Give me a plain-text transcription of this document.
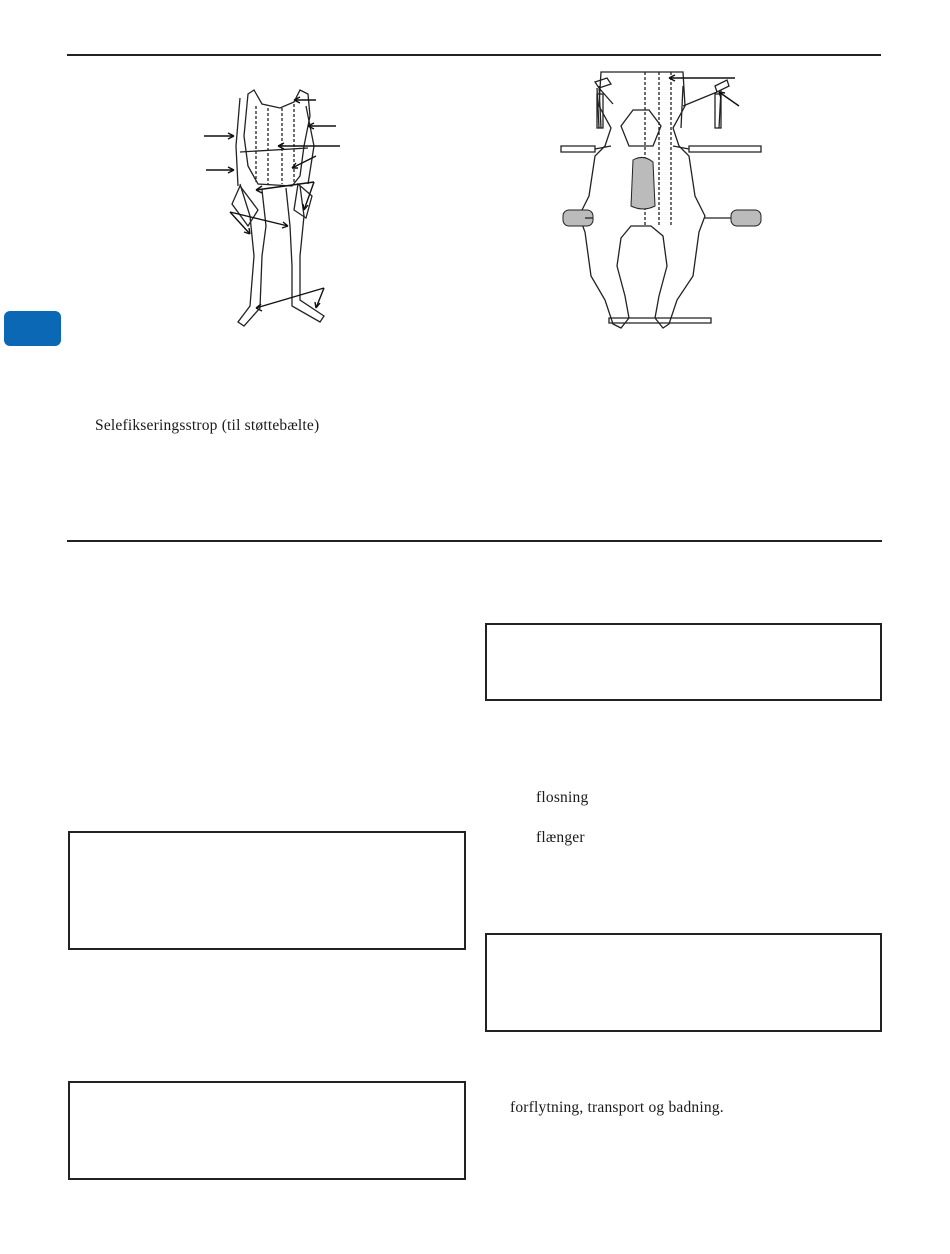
Selefikseringsstrop (til støttebælte)
flosning
flænger
forflytning, transport og badning.
